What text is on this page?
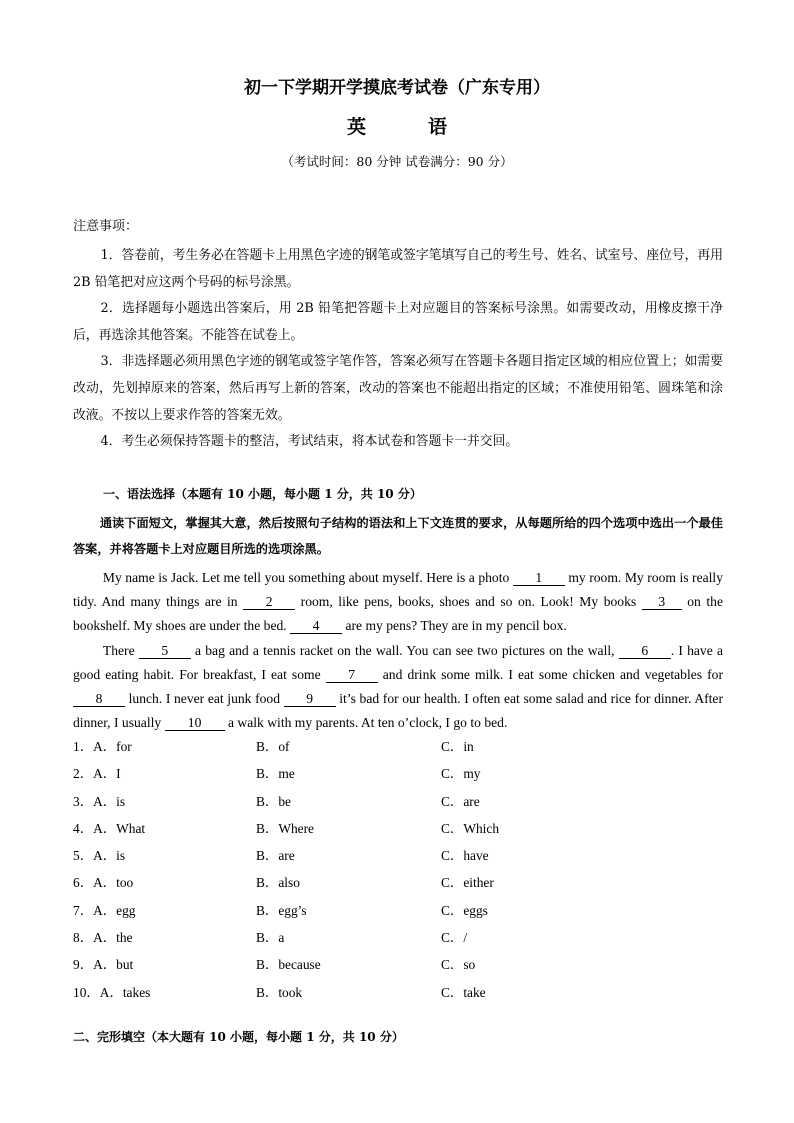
初一下学期开学摸底考试卷（广东专用）
英	语
（考试时间：80 分钟 试卷满分：90 分）
注意事项：

1．答卷前，考生务必在答题卡上用黑色字迹的钢笔或签字笔填写自己的考生号、姓名、试室号、座位号，再用 2B 铅笔把对应这两个号码的标号涂黑。

2．选择题每小题选出答案后，用 2B 铅笔把答题卡上对应题目的答案标号涂黑。如需要改动，用橡皮擦干净后，再选涂其他答案。不能答在试卷上。

3．非选择题必须用黑色字迹的钢笔或签字笔作答，答案必须写在答题卡各题目指定区域的相应位置上；如需要改动，先划掉原来的答案，然后再写上新的答案，改动的答案也不能超出指定的区域；不准使用铅笔、圆珠笔和涂改液。不按以上要求作答的答案无效。

4．考生必须保持答题卡的整洁，考试结束，将本试卷和答题卡一并交回。

一、语法选择（本题有 10 小题，每小题 1 分，共 10 分）

通读下面短文，掌握其大意，然后按照句子结构的语法和上下文连贯的要求，从每题所给的四个选项中选出一个最佳答案，并将答题卡上对应题目所选的选项涂黑。

My name is Jack. Let me tell you something about myself. Here is a photo 1 my room. My room is really tidy. And many things are in 2 room, like pens, books, shoes and so on. Look! My books 3 on the bookshelf. My shoes are under the bed. 4 are my pens? They are in my pencil box.

There 5 a bag and a tennis racket on the wall. You can see two pictures on the wall, 6 . I have a good eating habit. For breakfast, I eat some 7 and drink some milk. I eat some chicken and vegetables for 8 lunch. I never eat junk food 9 it’s bad for our health. I often eat some salad and rice for dinner. After dinner, I usually 10 a walk with my parents. At ten o’clock, I go to bed.

1．A．for	B．of	C．in
2．A．I	B．me	C．my
3．A．is	B．be	C．are
4．A．What	B．Where	C．Which
5．A．is	B．are	C．have
6．A．too	B．also	C．either
7．A．egg	B．egg’s	C．eggs
8．A．the	B．a	C．/
9．A．but	B．because	C．so
10．A．takes	B．took	C．take
二、完形填空（本大题有 10 小题，每小题 1 分，共 10 分）
